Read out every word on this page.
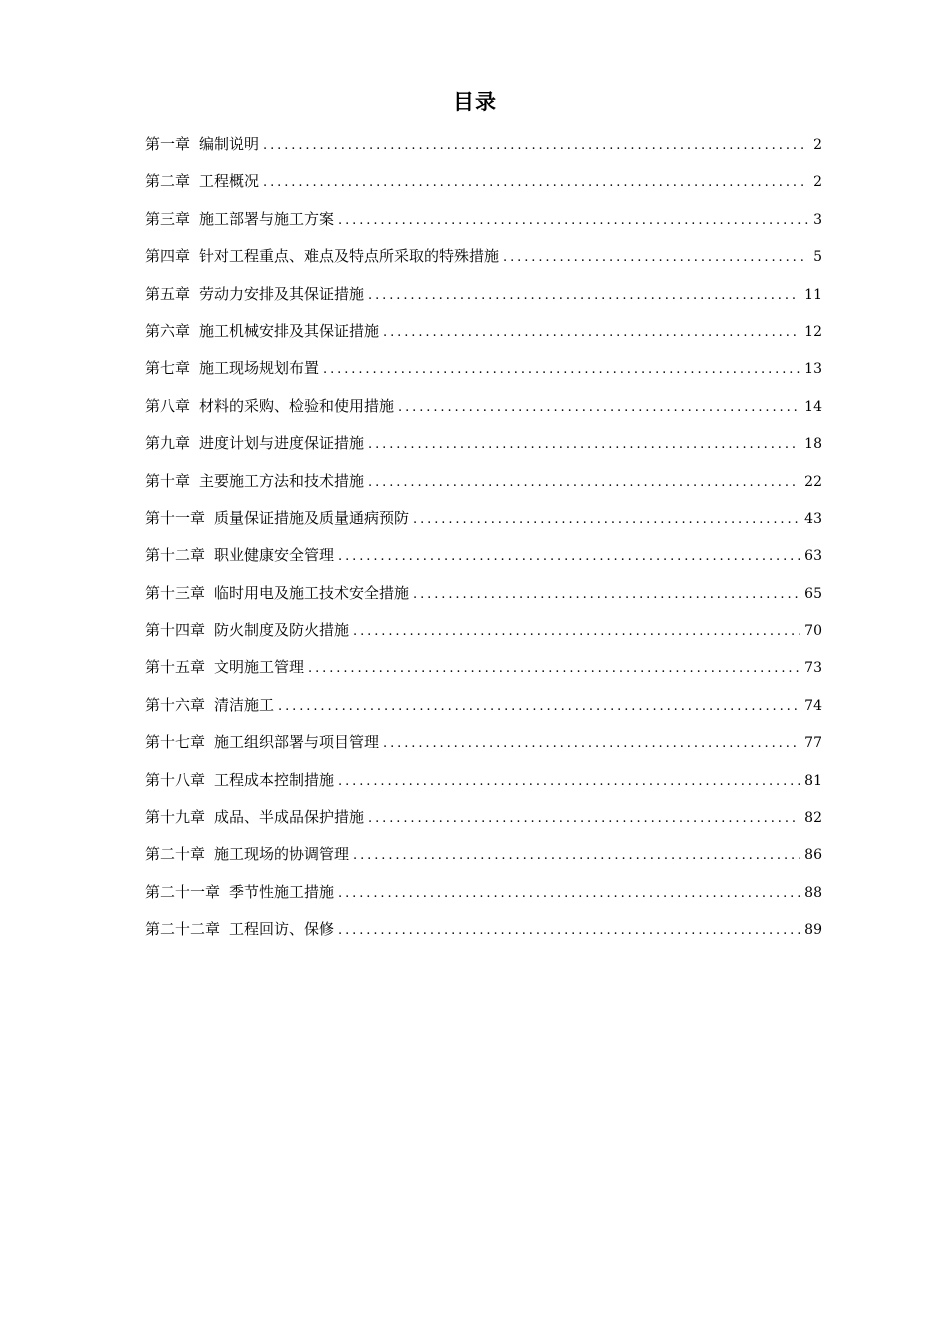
目录
第一章 编制说明 . . .	2
第二章 工程概况 . . .	2
第三章 施工部署与施工方案 . . .	3
第四章 针对工程重点、难点及特点所采取的特殊措施 . . .	5
第五章 劳动力安排及其保证措施 . . .	11
第六章 施工机械安排及其保证措施 . . .	12
第七章 施工现场规划布置 . . .	13
第八章 材料的采购、检验和使用措施 . . .	14
第九章 进度计划与进度保证措施 . . .	18
第十章 主要施工方法和技术措施 . . .	22
第十一章 质量保证措施及质量通病预防 . . .	43
第十二章 职业健康安全管理 . . .	63
第十三章 临时用电及施工技术安全措施 . . .	65
第十四章 防火制度及防火措施 . . .	70
第十五章 文明施工管理 . . .	73
第十六章 清洁施工 . . .	74
第十七章 施工组织部署与项目管理 . . .	77
第十八章 工程成本控制措施 . . .	81
第十九章 成品、半成品保护措施 . . .	82
第二十章 施工现场的协调管理 . . .	86
第二十一章 季节性施工措施 . . .	88
第二十二章 工程回访、保修 . . .	89
